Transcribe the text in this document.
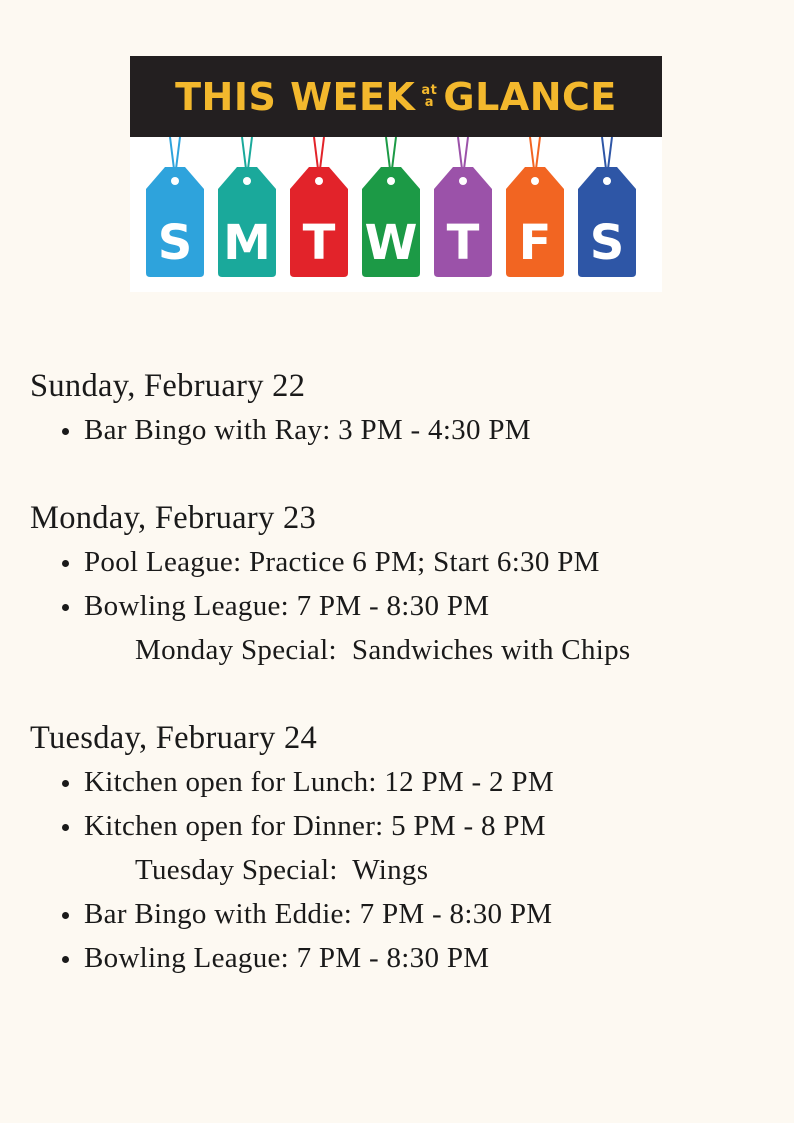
THIS WEEK at
a GLANCE
S M T W T F S
Sunday, February 22
Bar Bingo with Ray: 3 PM - 4:30 PM
Monday, February 23
Pool League: Practice 6 PM; Start 6:30 PM
Bowling League: 7 PM - 8:30 PM
Monday Special:  Sandwiches with Chips
Tuesday, February 24
Kitchen open for Lunch: 12 PM - 2 PM
Kitchen open for Dinner: 5 PM - 8 PM
Tuesday Special:  Wings
Bar Bingo with Eddie: 7 PM - 8:30 PM
Bowling League: 7 PM - 8:30 PM
